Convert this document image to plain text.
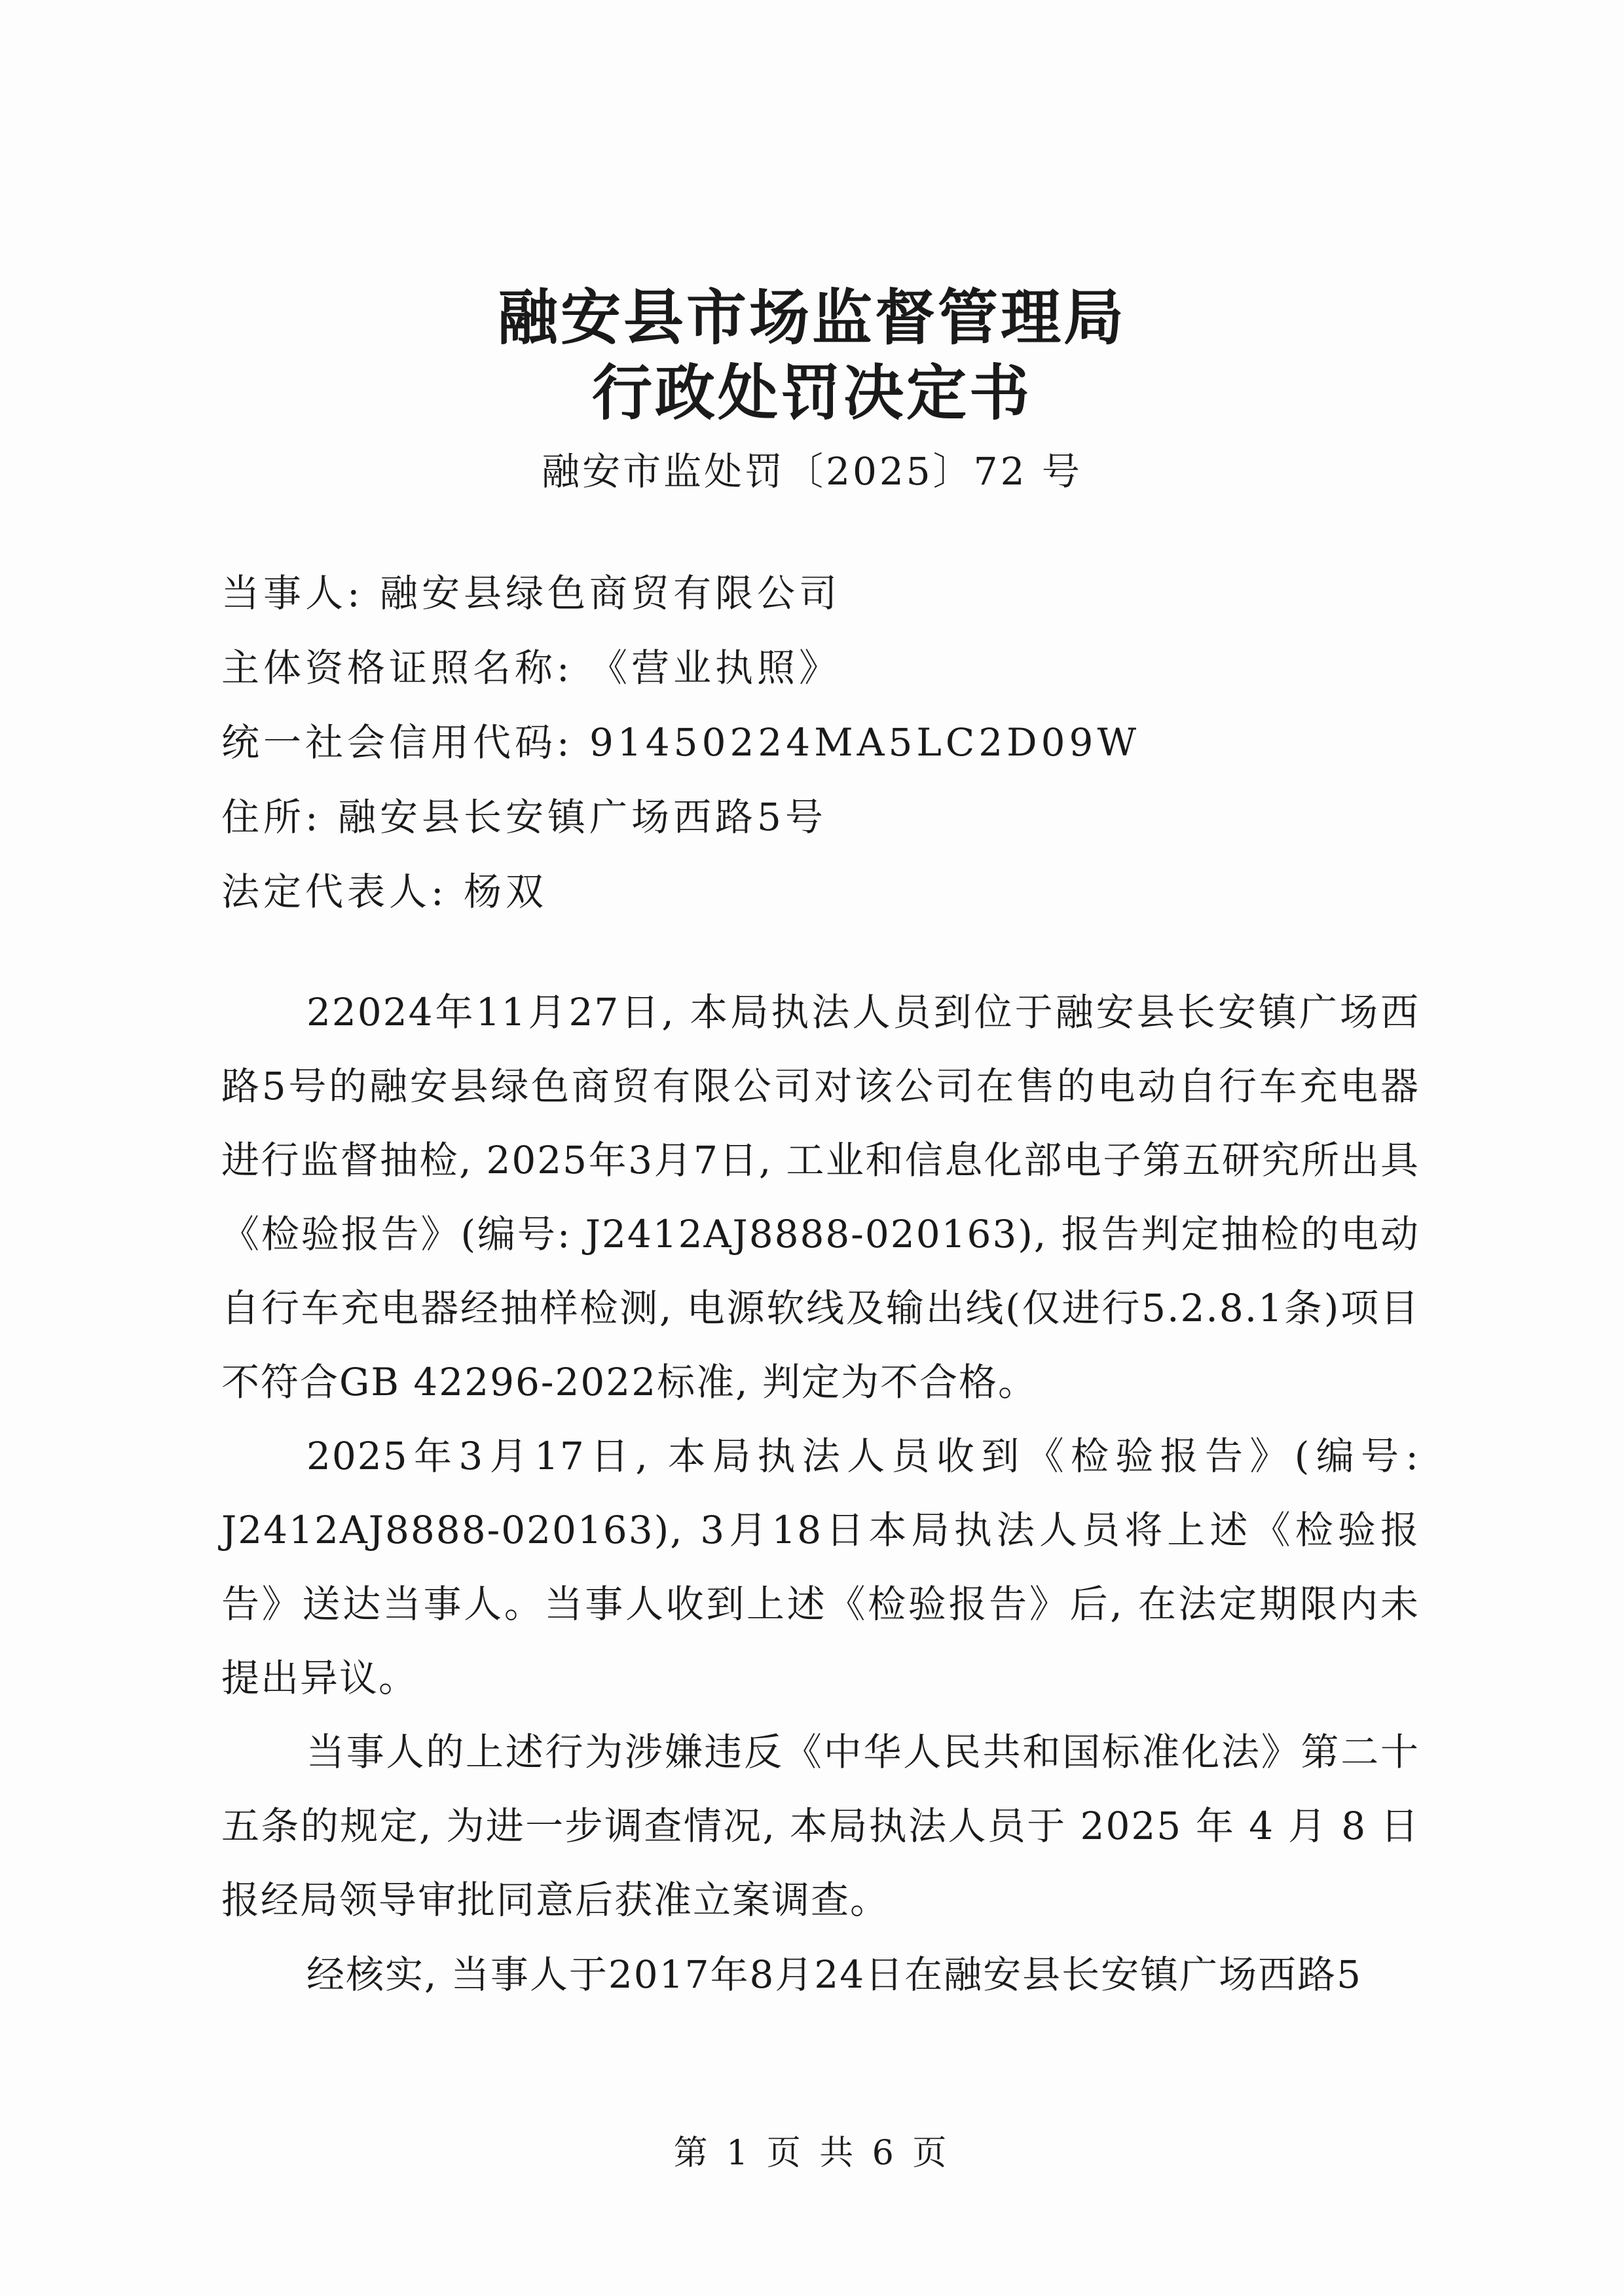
融安县市场监督管理局
行政处罚决定书
融安市监处罚〔2025〕72 号
当事人: 融安县绿色商贸有限公司
主体资格证照名称: 《营业执照》
统一社会信用代码: 91450224MA5LC2D09W
住所: 融安县长安镇广场西路5号
法定代表人: 杨双

22024年11月27日, 本局执法人员到位于融安县长安镇广场西路5号的融安县绿色商贸有限公司对该公司在售的电动自行车充电器进行监督抽检, 2025年3月7日, 工业和信息化部电子第五研究所出具《检验报告》(编号: J2412AJ8888-020163), 报告判定抽检的电动自行车充电器经抽样检测, 电源软线及输出线(仅进行5.2.8.1条)项目不符合GB 42296-2022标准, 判定为不合格。

2025年3月17日, 本局执法人员收到《检验报告》(编号: J2412AJ8888-020163), 3月18日本局执法人员将上述《检验报告》送达当事人。当事人收到上述《检验报告》后, 在法定期限内未提出异议。

当事人的上述行为涉嫌违反《中华人民共和国标准化法》第二十五条的规定, 为进一步调查情况, 本局执法人员于 2025 年 4 月 8 日报经局领导审批同意后获准立案调查。

经核实, 当事人于2017年8月24日在融安县长安镇广场西路5

第 1 页 共 6 页
